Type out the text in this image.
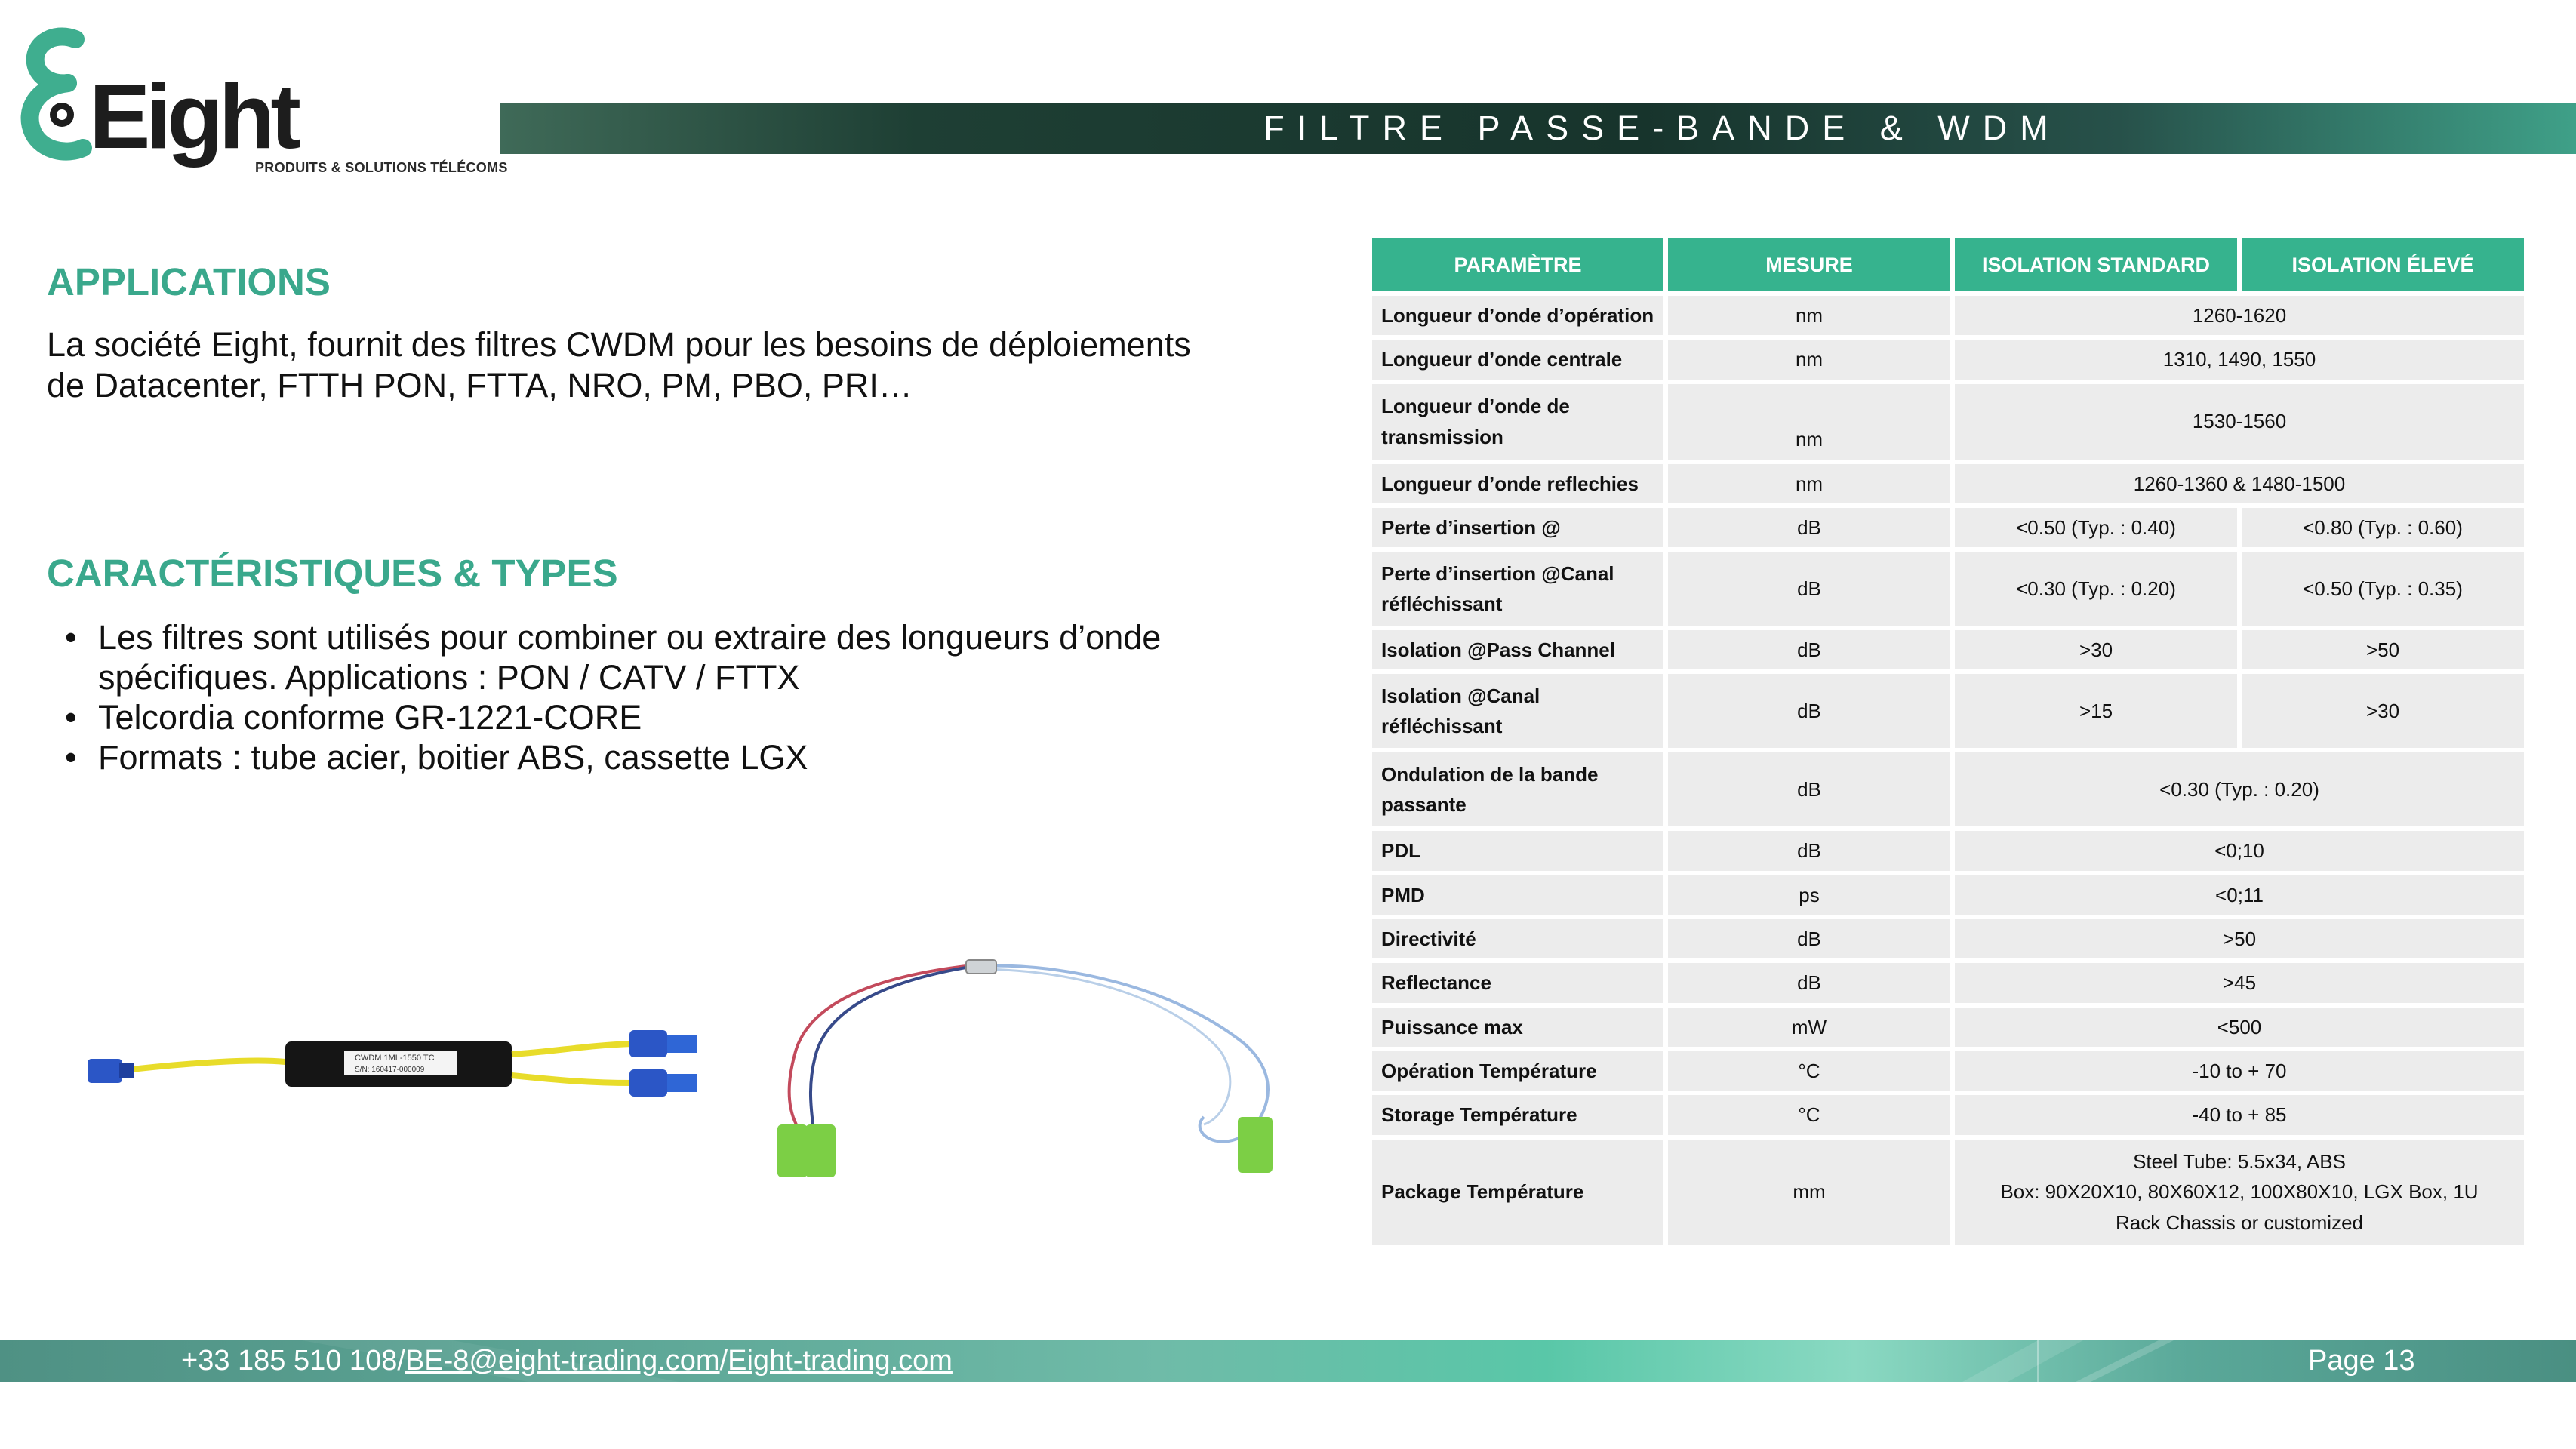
Eight
PRODUITS & SOLUTIONS TÉLÉCOMS
FILTRE PASSE-BANDE & WDM
APPLICATIONS
La société Eight, fournit des filtres CWDM pour les besoins de déploiements de Datacenter, FTTH PON, FTTA, NRO, PM, PBO, PRI…
CARACTÉRISTIQUES & TYPES
• Les filtres sont utilisés pour combiner ou extraire des longueurs d’onde spécifiques. Applications : PON / CATV / FTTX
• Telcordia conforme GR-1221-CORE
• Formats : tube acier, boitier ABS, cassette LGX
CWDM 1ML-1550 TC
S/N: 160417-000009
PARAMÈTRE	MESURE	ISOLATION STANDARD	ISOLATION ÉLEVÉ
Longueur d’onde d’opération	nm	1260-1620	
Longueur d’onde centrale	nm	1310, 1490, 1550	
Longueur d’onde de transmission	nm	1530-1560	
Longueur d’onde reflechies	nm	1260-1360 & 1480-1500	
Perte d’insertion @	dB	<0.50 (Typ. : 0.40)	<0.80 (Typ. : 0.60)
Perte d’insertion @Canal réfléchissant	dB	<0.30 (Typ. : 0.20)	<0.50 (Typ. : 0.35)
Isolation @Pass Channel	dB	>30	>50
Isolation @Canal réfléchissant	dB	>15	>30
Ondulation de la bande passante	dB	<0.30 (Typ. : 0.20)	
PDL	dB	<0;10	
PMD	ps	<0;11	
Directivité	dB	>50	
Reflectance	dB	>45	
Puissance max	mW	<500	
Opération Température	°C	-10 to + 70	
Storage Température	°C	-40 to + 85	
Package Température	mm	Steel Tube: 5.5x34, ABS
Box: 90X20X10, 80X60X12, 100X80X10, LGX Box, 1U
Rack Chassis or customized	
+33 185 510 108 / BE-8@eight-trading.com / Eight-trading.com	Page 13
